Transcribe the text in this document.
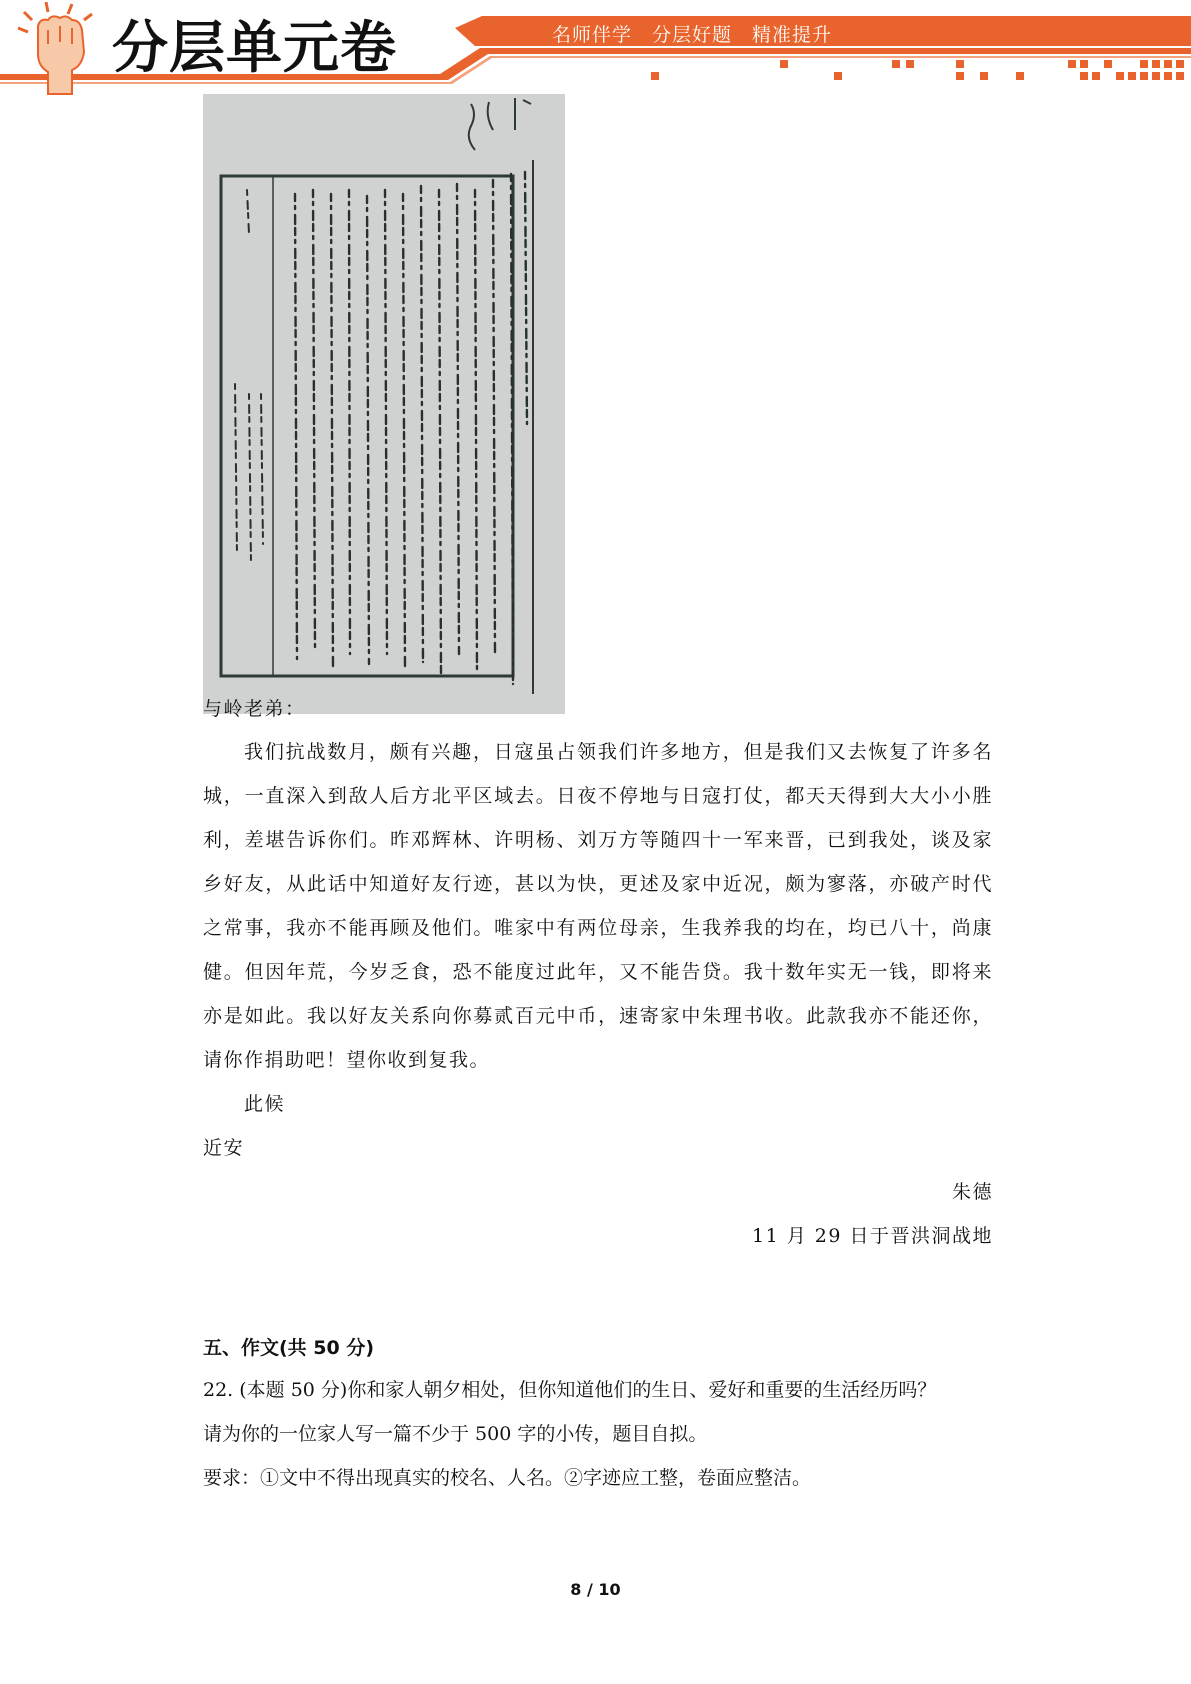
分层单元卷	名师伴学　分层好题　精准提升
与岭老弟：
我们抗战数月，颇有兴趣，日寇虽占领我们许多地方，但是我们又去恢复了许多名
城，一直深入到敌人后方北平区域去。日夜不停地与日寇打仗，都天天得到大大小小胜
利，差堪告诉你们。昨邓辉林、许明杨、刘万方等随四十一军来晋，已到我处，谈及家
乡好友，从此话中知道好友行迹，甚以为快，更述及家中近况，颇为寥落，亦破产时代
之常事，我亦不能再顾及他们。唯家中有两位母亲，生我养我的均在，均已八十，尚康
健。但因年荒，今岁乏食，恐不能度过此年，又不能告贷。我十数年实无一钱，即将来
亦是如此。我以好友关系向你募贰百元中币，速寄家中朱理书收。此款我亦不能还你，
请你作捐助吧！望你收到复我。
此候
近安
朱德
11 月 29 日于晋洪洞战地
五、作文(共 50 分)
22. (本题 50 分)你和家人朝夕相处，但你知道他们的生日、爱好和重要的生活经历吗？
请为你的一位家人写一篇不少于 500 字的小传，题目自拟。
要求：①文中不得出现真实的校名、人名。②字迹应工整，卷面应整洁。
8 / 10
